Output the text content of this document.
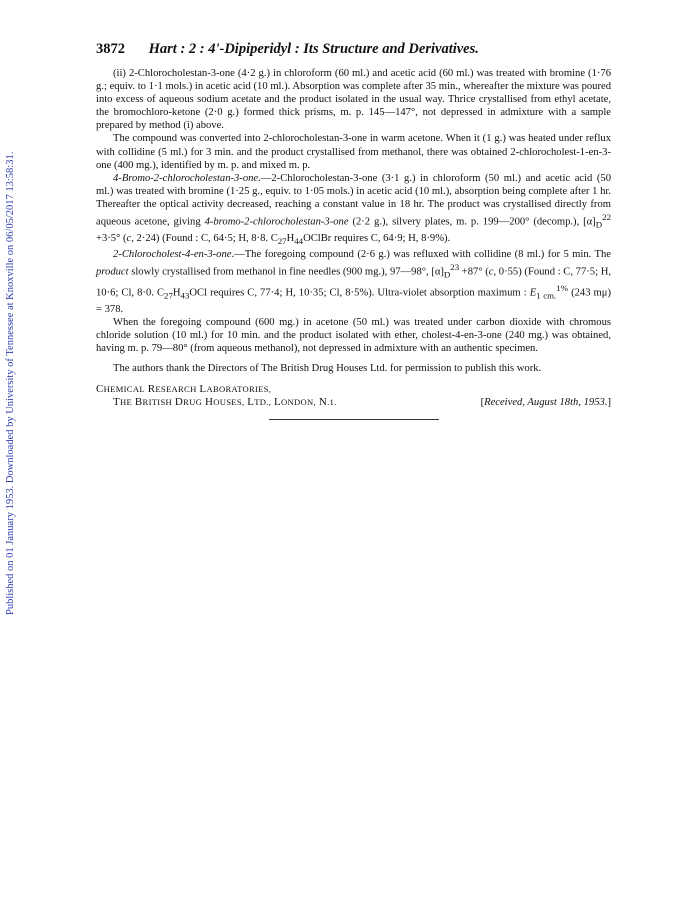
Published on 01 January 1953. Downloaded by University of Tennessee at Knoxville on 06/05/2017 13:58:31.
3872 Hart : 2 : 4'-Dipiperidyl : Its Structure and Derivatives.

(ii) 2-Chlorocholestan-3-one (4·2 g.) in chloroform (60 ml.) and acetic acid (60 ml.) was treated with bromine (1·76 g.; equiv. to 1·1 mols.) in acetic acid (10 ml.). Absorption was complete after 35 min., whereafter the mixture was poured into excess of aqueous sodium acetate and the product isolated in the usual way. Thrice crystallised from ethyl acetate, the bromochloro-ketone (2·0 g.) formed thick prisms, m. p. 145—147°, not depressed in admixture with a sample prepared by method (i) above.

The compound was converted into 2-chlorocholestan-3-one in warm acetone. When it (1 g.) was heated under reflux with collidine (5 ml.) for 3 min. and the product crystallised from methanol, there was obtained 2-chlorocholest-1-en-3-one (400 mg.), identified by m. p. and mixed m. p.

4-Bromo-2-chlorocholestan-3-one.—2-Chlorocholestan-3-one (3·1 g.) in chloroform (50 ml.) and acetic acid (50 ml.) was treated with bromine (1·25 g., equiv. to 1·05 mols.) in acetic acid (10 ml.), absorption being complete after 1 hr. Thereafter the optical activity decreased, reaching a constant value in 18 hr. The product was crystallised directly from aqueous acetone, giving 4-bromo-2-chlorocholestan-3-one (2·2 g.), silvery plates, m. p. 199—200° (decomp.), $[\alpha]_D^{22} +3\cdot 5^\circ$ (c, 2·24) (Found : C, 64·5; H, 8·8. $C_{27}H_{44}OClBr$ requires C, 64·9; H, 8·9%).

2-Chlorocholest-4-en-3-one.—The foregoing compound (2·6 g.) was refluxed with collidine (8 ml.) for 5 min. The product slowly crystallised from methanol in fine needles (900 mg.), 97—98°, $[\alpha]_D^{23} +87^\circ$ (c, 0·55) (Found : C, 77·5; H, 10·6; Cl, 8·0. $C_{27}H_{43}OCl$ requires C, 77·4; H, 10·35; Cl, 8·5%). Ultra-violet absorption maximum : $E_{1 cm.}^{1\%}$ (243 mμ) = 378.

When the foregoing compound (600 mg.) in acetone (50 ml.) was treated under carbon dioxide with chromous chloride solution (10 ml.) for 10 min. and the product isolated with ether, cholest-4-en-3-one (240 mg.) was obtained, having m. p. 79—80° (from aqueous methanol), not depressed in admixture with an authentic specimen.

The authors thank the Directors of The British Drug Houses Ltd. for permission to publish this work.

CHEMICAL RESEARCH LABORATORIES,
THE BRITISH DRUG HOUSES, LTD., LONDON, N.1.	[Received, August 18th, 1953.]
